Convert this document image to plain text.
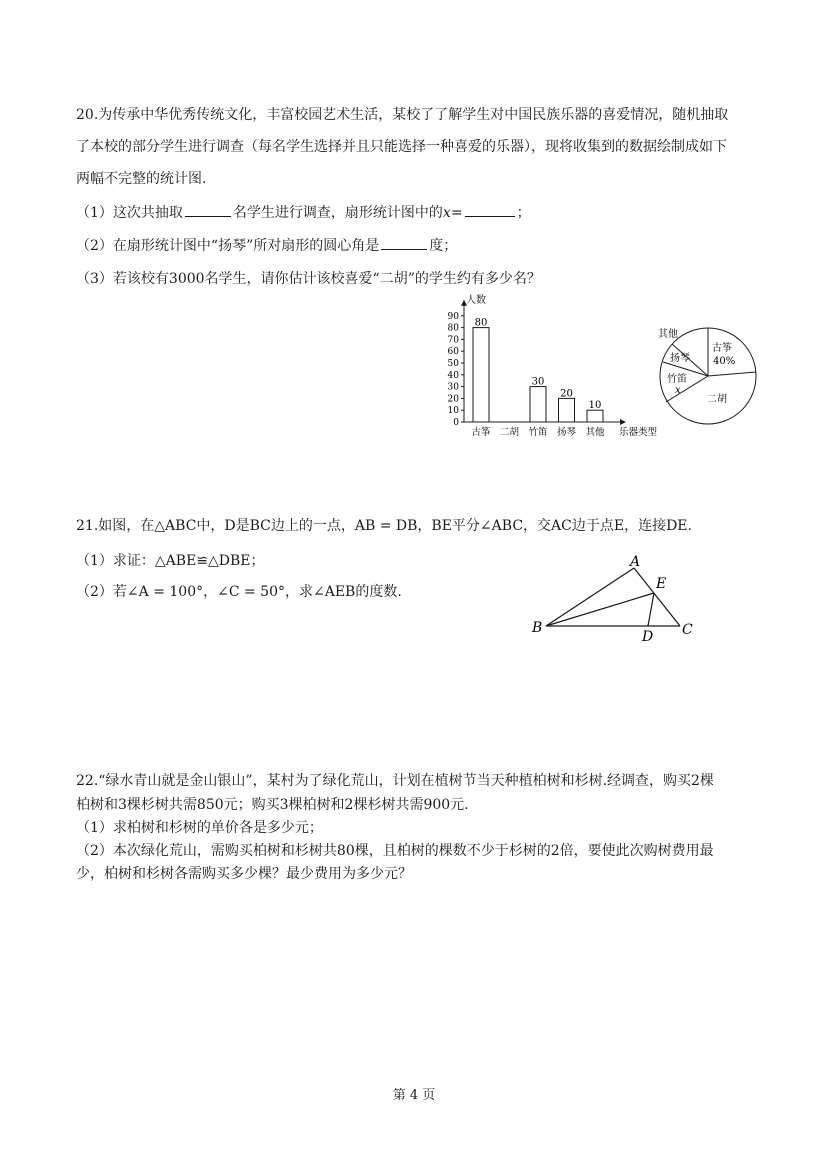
20.为传承中华优秀传统文化，丰富校园艺术生活，某校了了解学生对中国民族乐器的喜爱情况，随机抽取
了本校的部分学生进行调查（每名学生选择并且只能选择一种喜爱的乐器），现将收集到的数据绘制成如下
两幅不完整的统计图.
（1）这次共抽取	名学生进行调查，扇形统计图中的x=	；
（2）在扇形统计图中“扬琴”所对扇形的圆心角是	度；
（3）若该校有3000名学生，请你估计该校喜爱“二胡”的学生约有多少名？
人数
0
10
20
30
40
50
60
70
80
90
80
古筝 二胡
30
竹笛
20
扬琴
10
其他 乐器类型
其他
扬琴
竹笛
x
古筝
40%
二胡
21.如图，在△ABC中，D是BC边上的一点，AB = DB，BE平分∠ABC，交AC边于点E，连接DE.
（1）求证：△ABE≌△DBE；
（2）若∠A = 100°，∠C = 50°，求∠AEB的度数.
A
E
B
D C
22.“绿水青山就是金山银山”，某村为了绿化荒山，计划在植树节当天种植柏树和杉树.经调查，购买2棵
柏树和3棵杉树共需850元；购买3棵柏树和2棵杉树共需900元.
（1）求柏树和杉树的单价各是多少元；
（2）本次绿化荒山，需购买柏树和杉树共80棵，且柏树的棵数不少于杉树的2倍，要使此次购树费用最
少，柏树和杉树各需购买多少棵？最少费用为多少元？
第 4 页
